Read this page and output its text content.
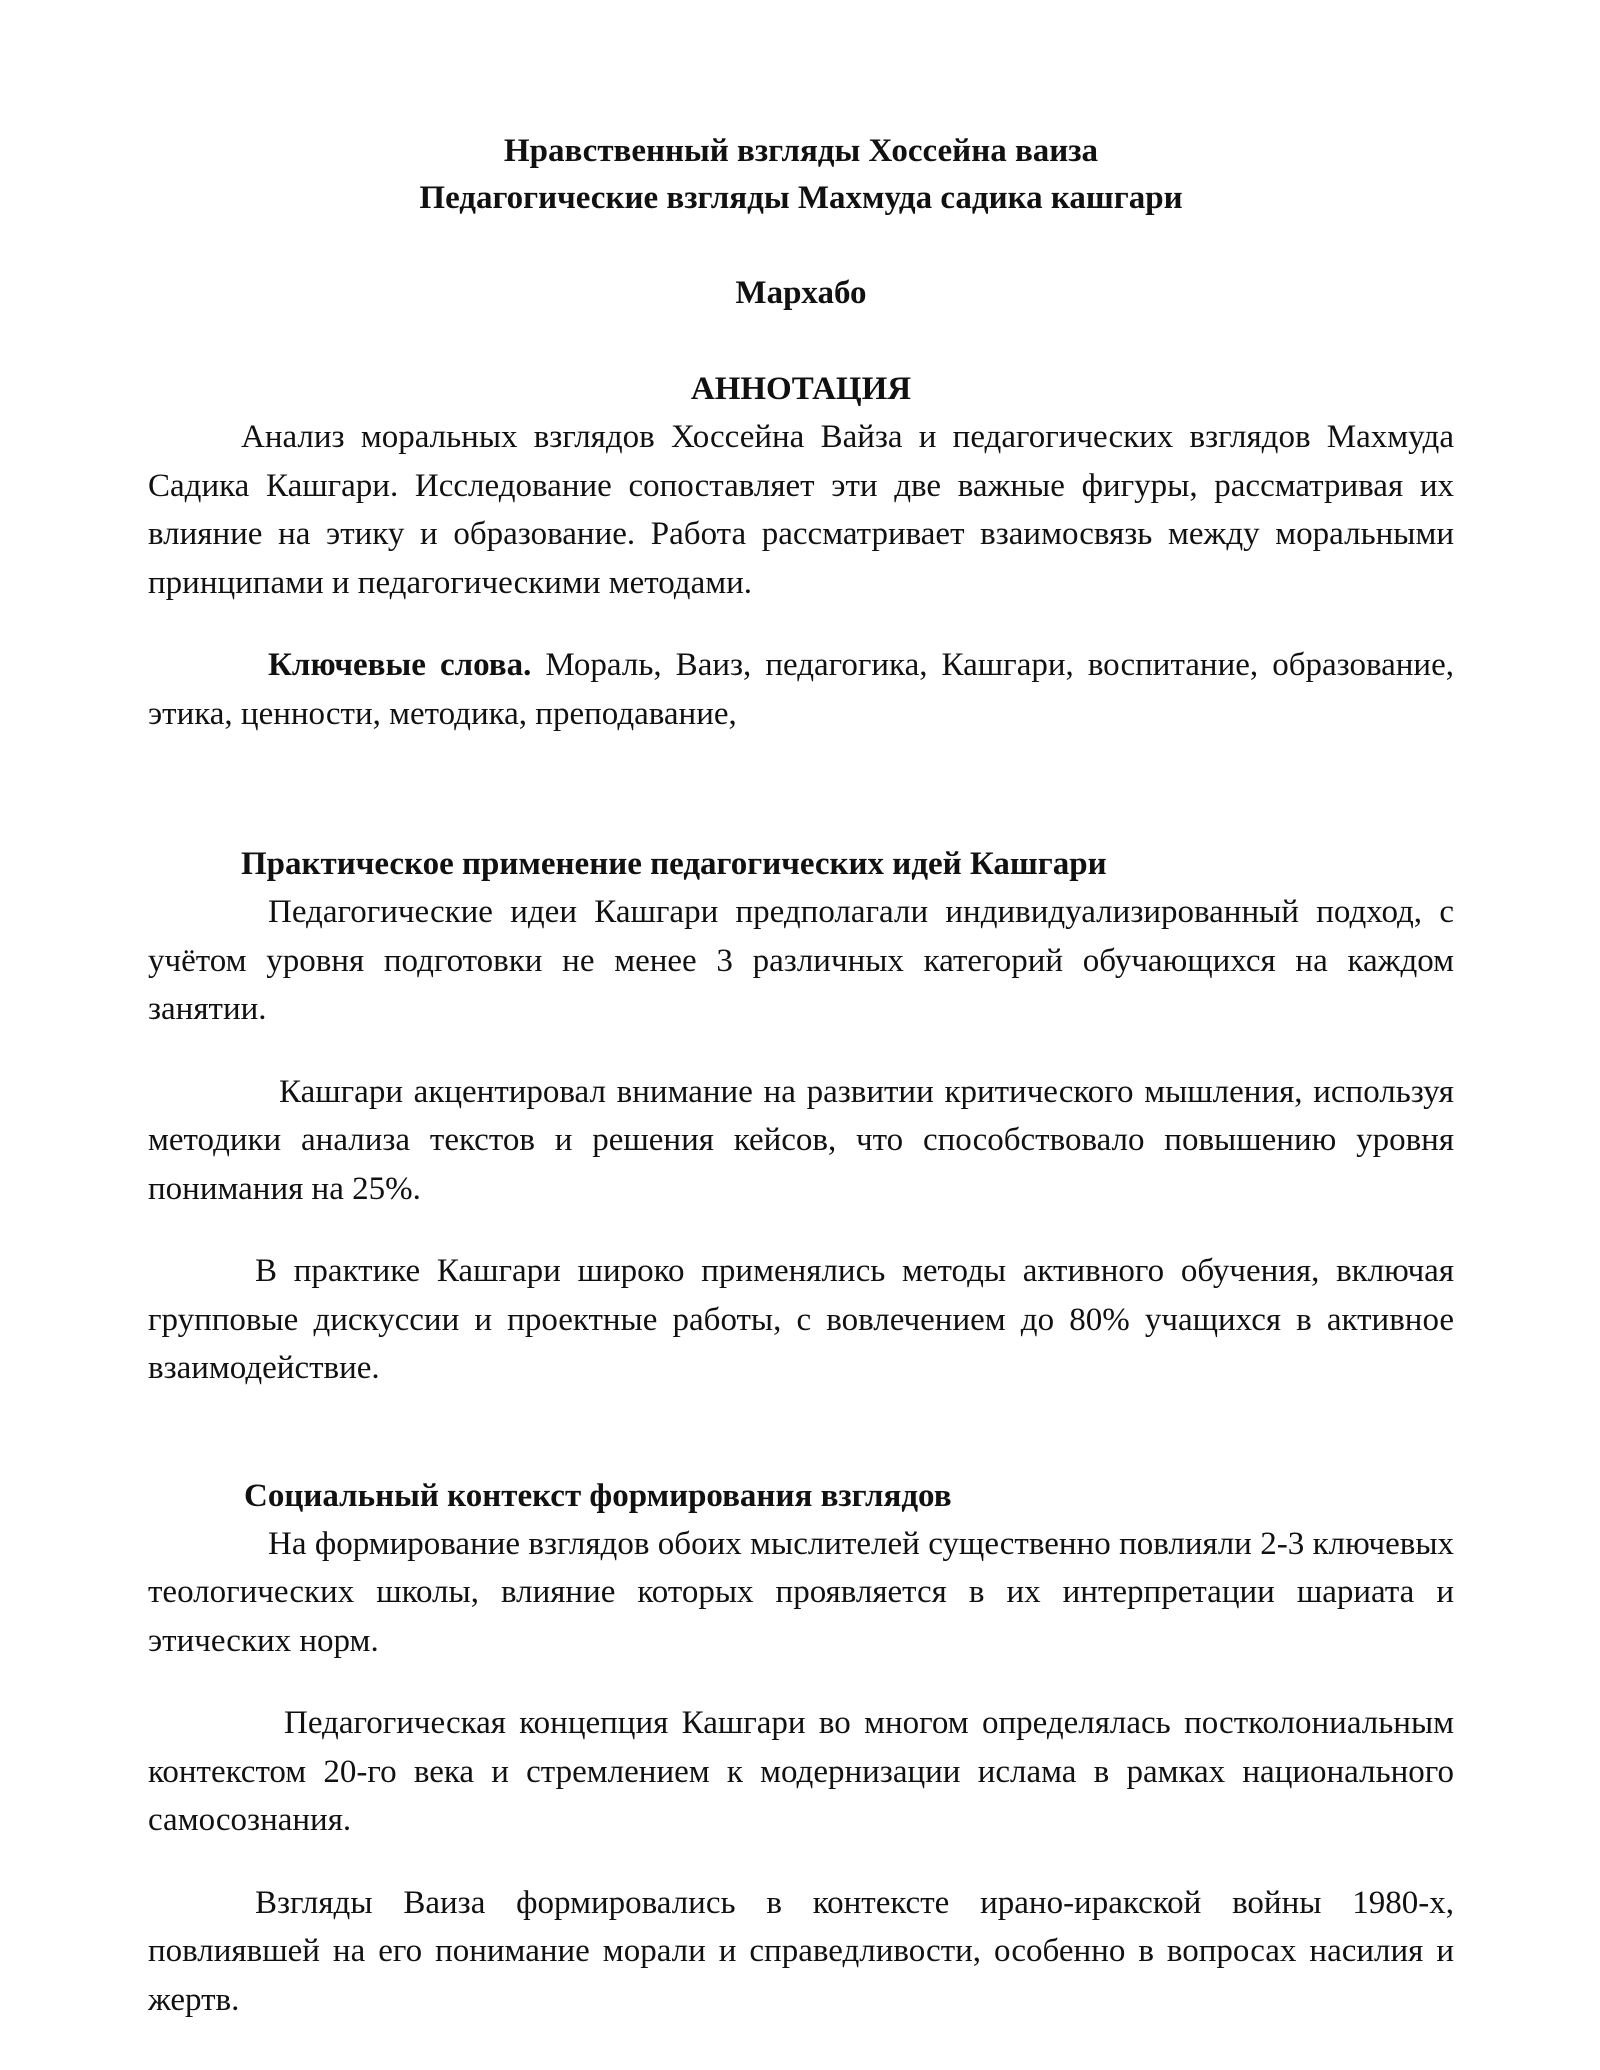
Нравственный взгляды Хоссейна ваиза
Педагогические взгляды Махмуда садика кашгари
Мархабо
АННОТАЦИЯ

Анализ моральных взглядов Хоссейна Вайза и педагогических взглядов Махмуда Садика Кашгари. Исследование сопоставляет эти две важные фигуры, рассматривая их влияние на этику и образование. Работа рассматривает взаимосвязь между моральными принципами и педагогическими методами.

Ключевые слова. Мораль, Ваиз, педагогика, Кашгари, воспитание, образование, этика, ценности, методика, преподавание,

Практическое применение педагогических идей Кашгари

Педагогические идеи Кашгари предполагали индивидуализированный подход, с учётом уровня подготовки не менее 3 различных категорий обучающихся на каждом занятии.

Кашгари акцентировал внимание на развитии критического мышления, используя методики анализа текстов и решения кейсов, что способствовало повышению уровня понимания на 25%.

В практике Кашгари широко применялись методы активного обучения, включая групповые дискуссии и проектные работы, с вовлечением до 80% учащихся в активное взаимодействие.

Социальный контекст формирования взглядов

На формирование взглядов обоих мыслителей существенно повлияли 2-3 ключевых теологических школы, влияние которых проявляется в их интерпретации шариата и этических норм.

Педагогическая концепция Кашгари во многом определялась постколониальным контекстом 20-го века и стремлением к модернизации ислама в рамках национального самосознания.

Взгляды Ваиза формировались в контексте ирано-иракской войны 1980-х, повлиявшей на его понимание морали и справедливости, особенно в вопросах насилия и жертв.
